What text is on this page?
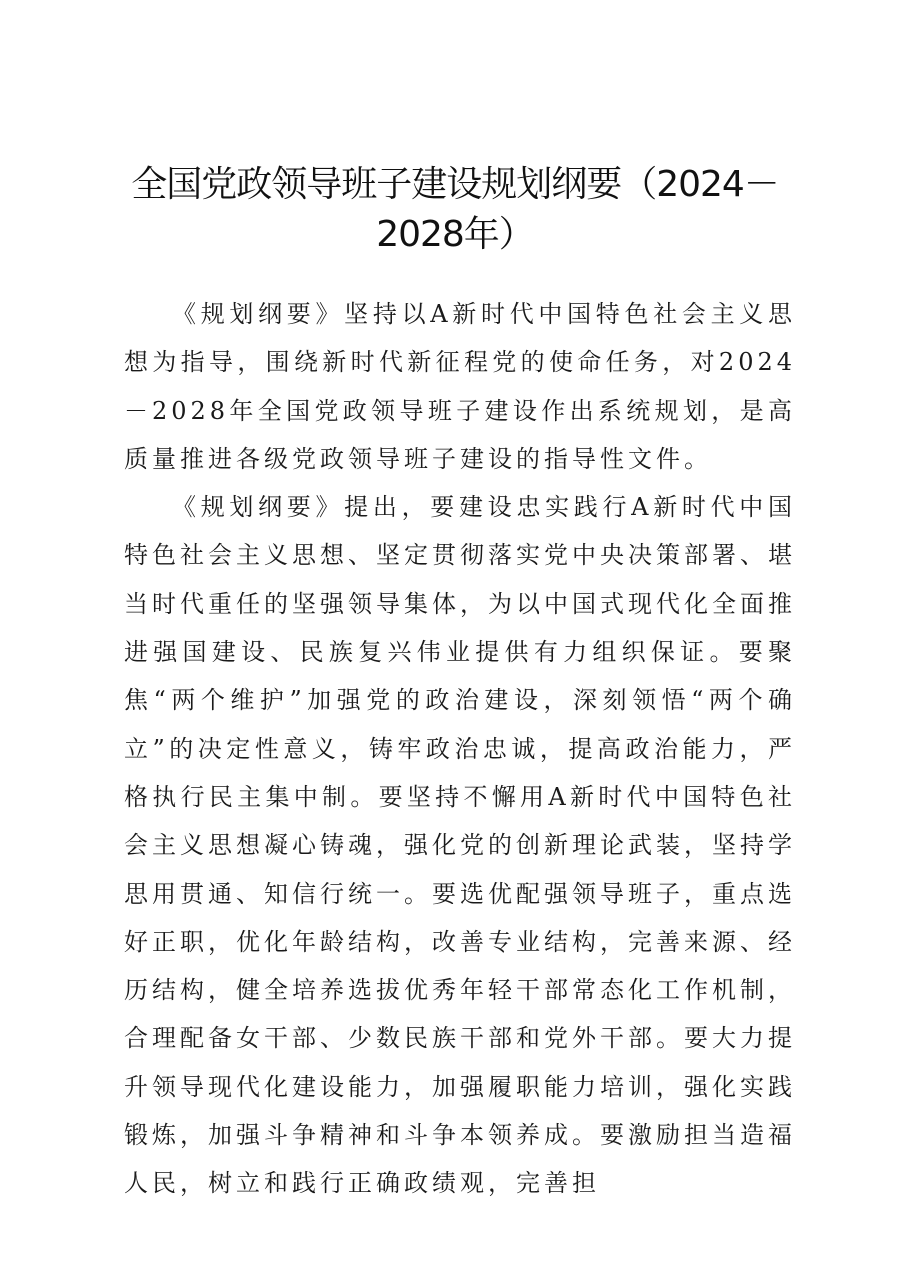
全国党政领导班子建设规划纲要（2024－
2028年）

《规划纲要》坚持以A新时代中国特色社会主义思想为指导，围绕新时代新征程党的使命任务，对2024－2028年全国党政领导班子建设作出系统规划，是高质量推进各级党政领导班子建设的指导性文件。

《规划纲要》提出，要建设忠实践行A新时代中国特色社会主义思想、坚定贯彻落实党中央决策部署、堪当时代重任的坚强领导集体，为以中国式现代化全面推进强国建设、民族复兴伟业提供有力组织保证。要聚焦“两个维护”加强党的政治建设，深刻领悟“两个确立”的决定性意义，铸牢政治忠诚，提高政治能力，严格执行民主集中制。要坚持不懈用A新时代中国特色社会主义思想凝心铸魂，强化党的创新理论武装，坚持学思用贯通、知信行统一。要选优配强领导班子，重点选好正职，优化年龄结构，改善专业结构，完善来源、经历结构，健全培养选拔优秀年轻干部常态化工作机制，合理配备女干部、少数民族干部和党外干部。要大力提升领导现代化建设能力，加强履职能力培训，强化实践锻炼，加强斗争精神和斗争本领养成。要激励担当造福人民，树立和践行正确政绩观，完善担
